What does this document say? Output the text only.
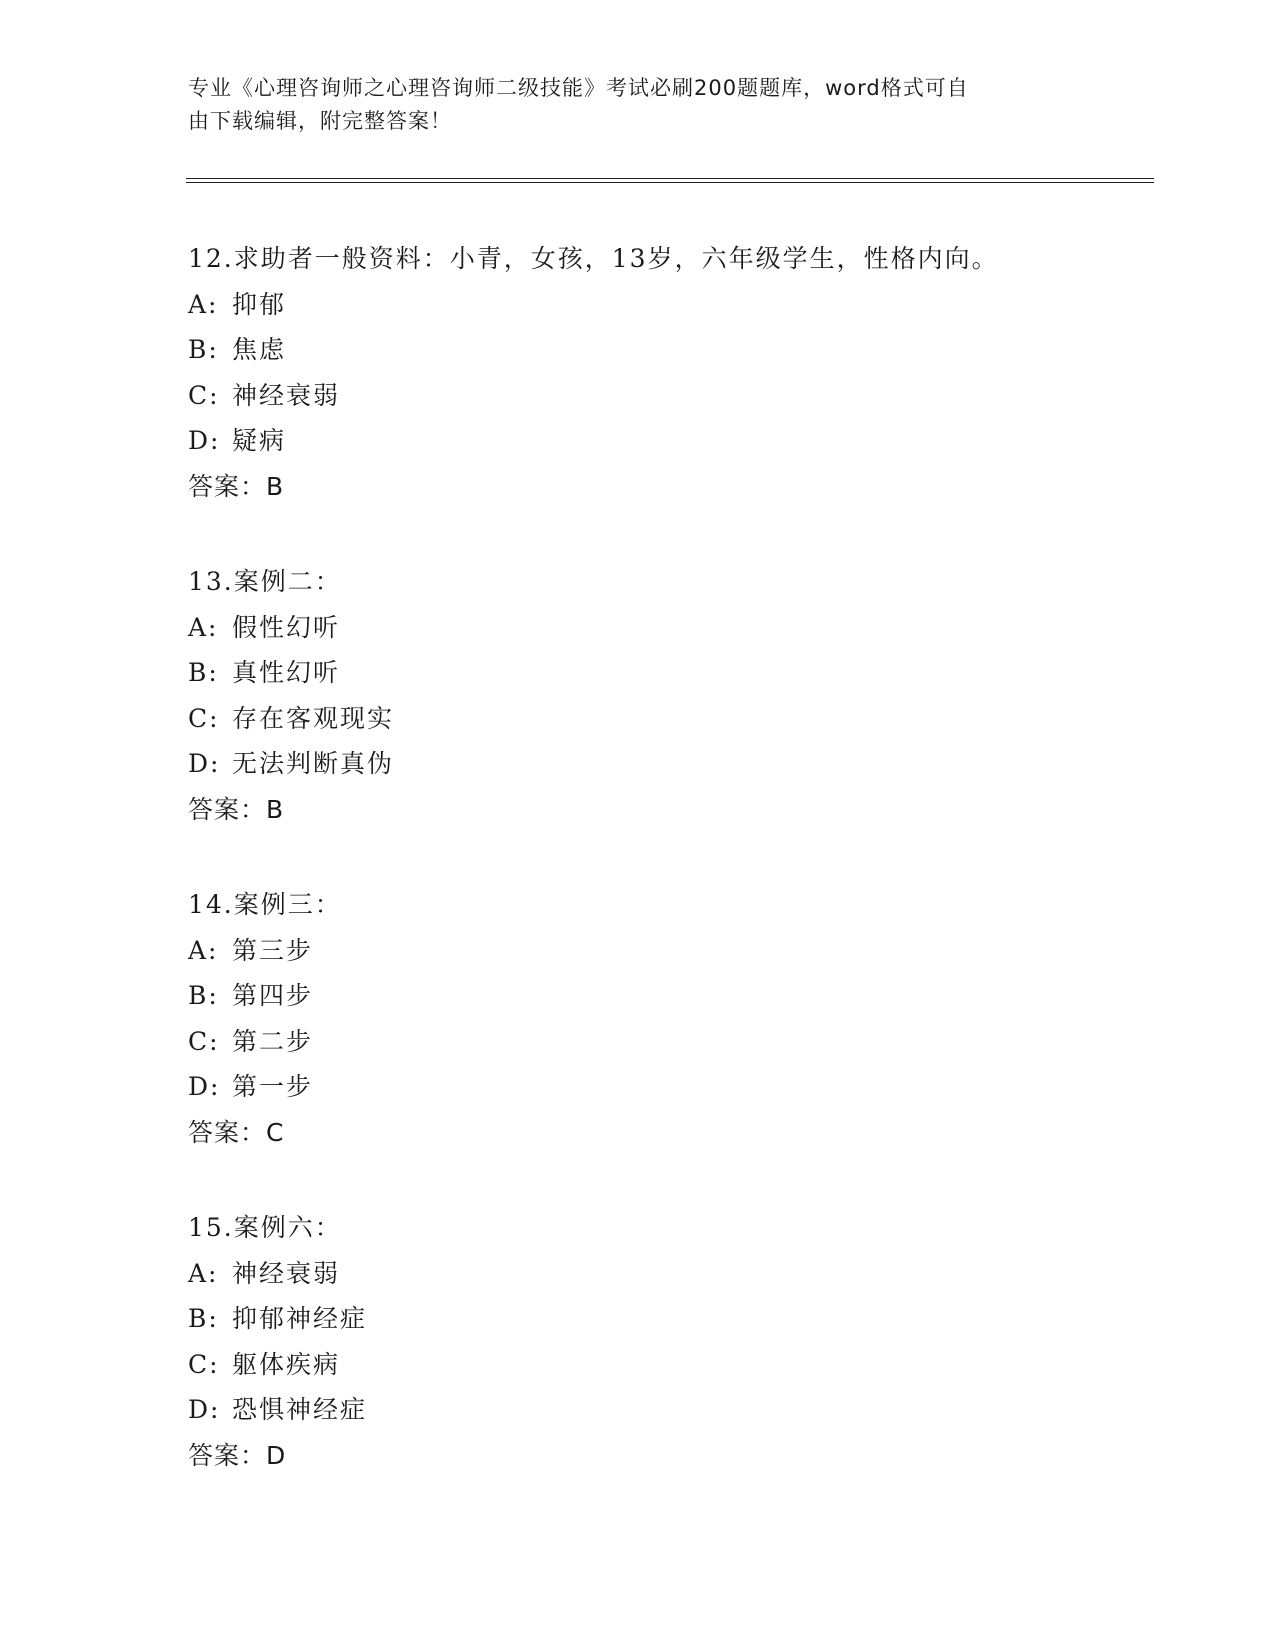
专业《心理咨询师之心理咨询师二级技能》考试必刷200题题库，word格式可自
由下载编辑，附完整答案！
12.求助者一般资料：小青，女孩，13岁，六年级学生，性格内向。
A: 抑郁
B: 焦虑
C: 神经衰弱
D: 疑病
答案：B
13.案例二：
A: 假性幻听
B: 真性幻听
C: 存在客观现实
D: 无法判断真伪
答案：B
14.案例三：
A: 第三步
B: 第四步
C: 第二步
D: 第一步
答案：C
15.案例六：
A: 神经衰弱
B: 抑郁神经症
C: 躯体疾病
D: 恐惧神经症
答案：D
